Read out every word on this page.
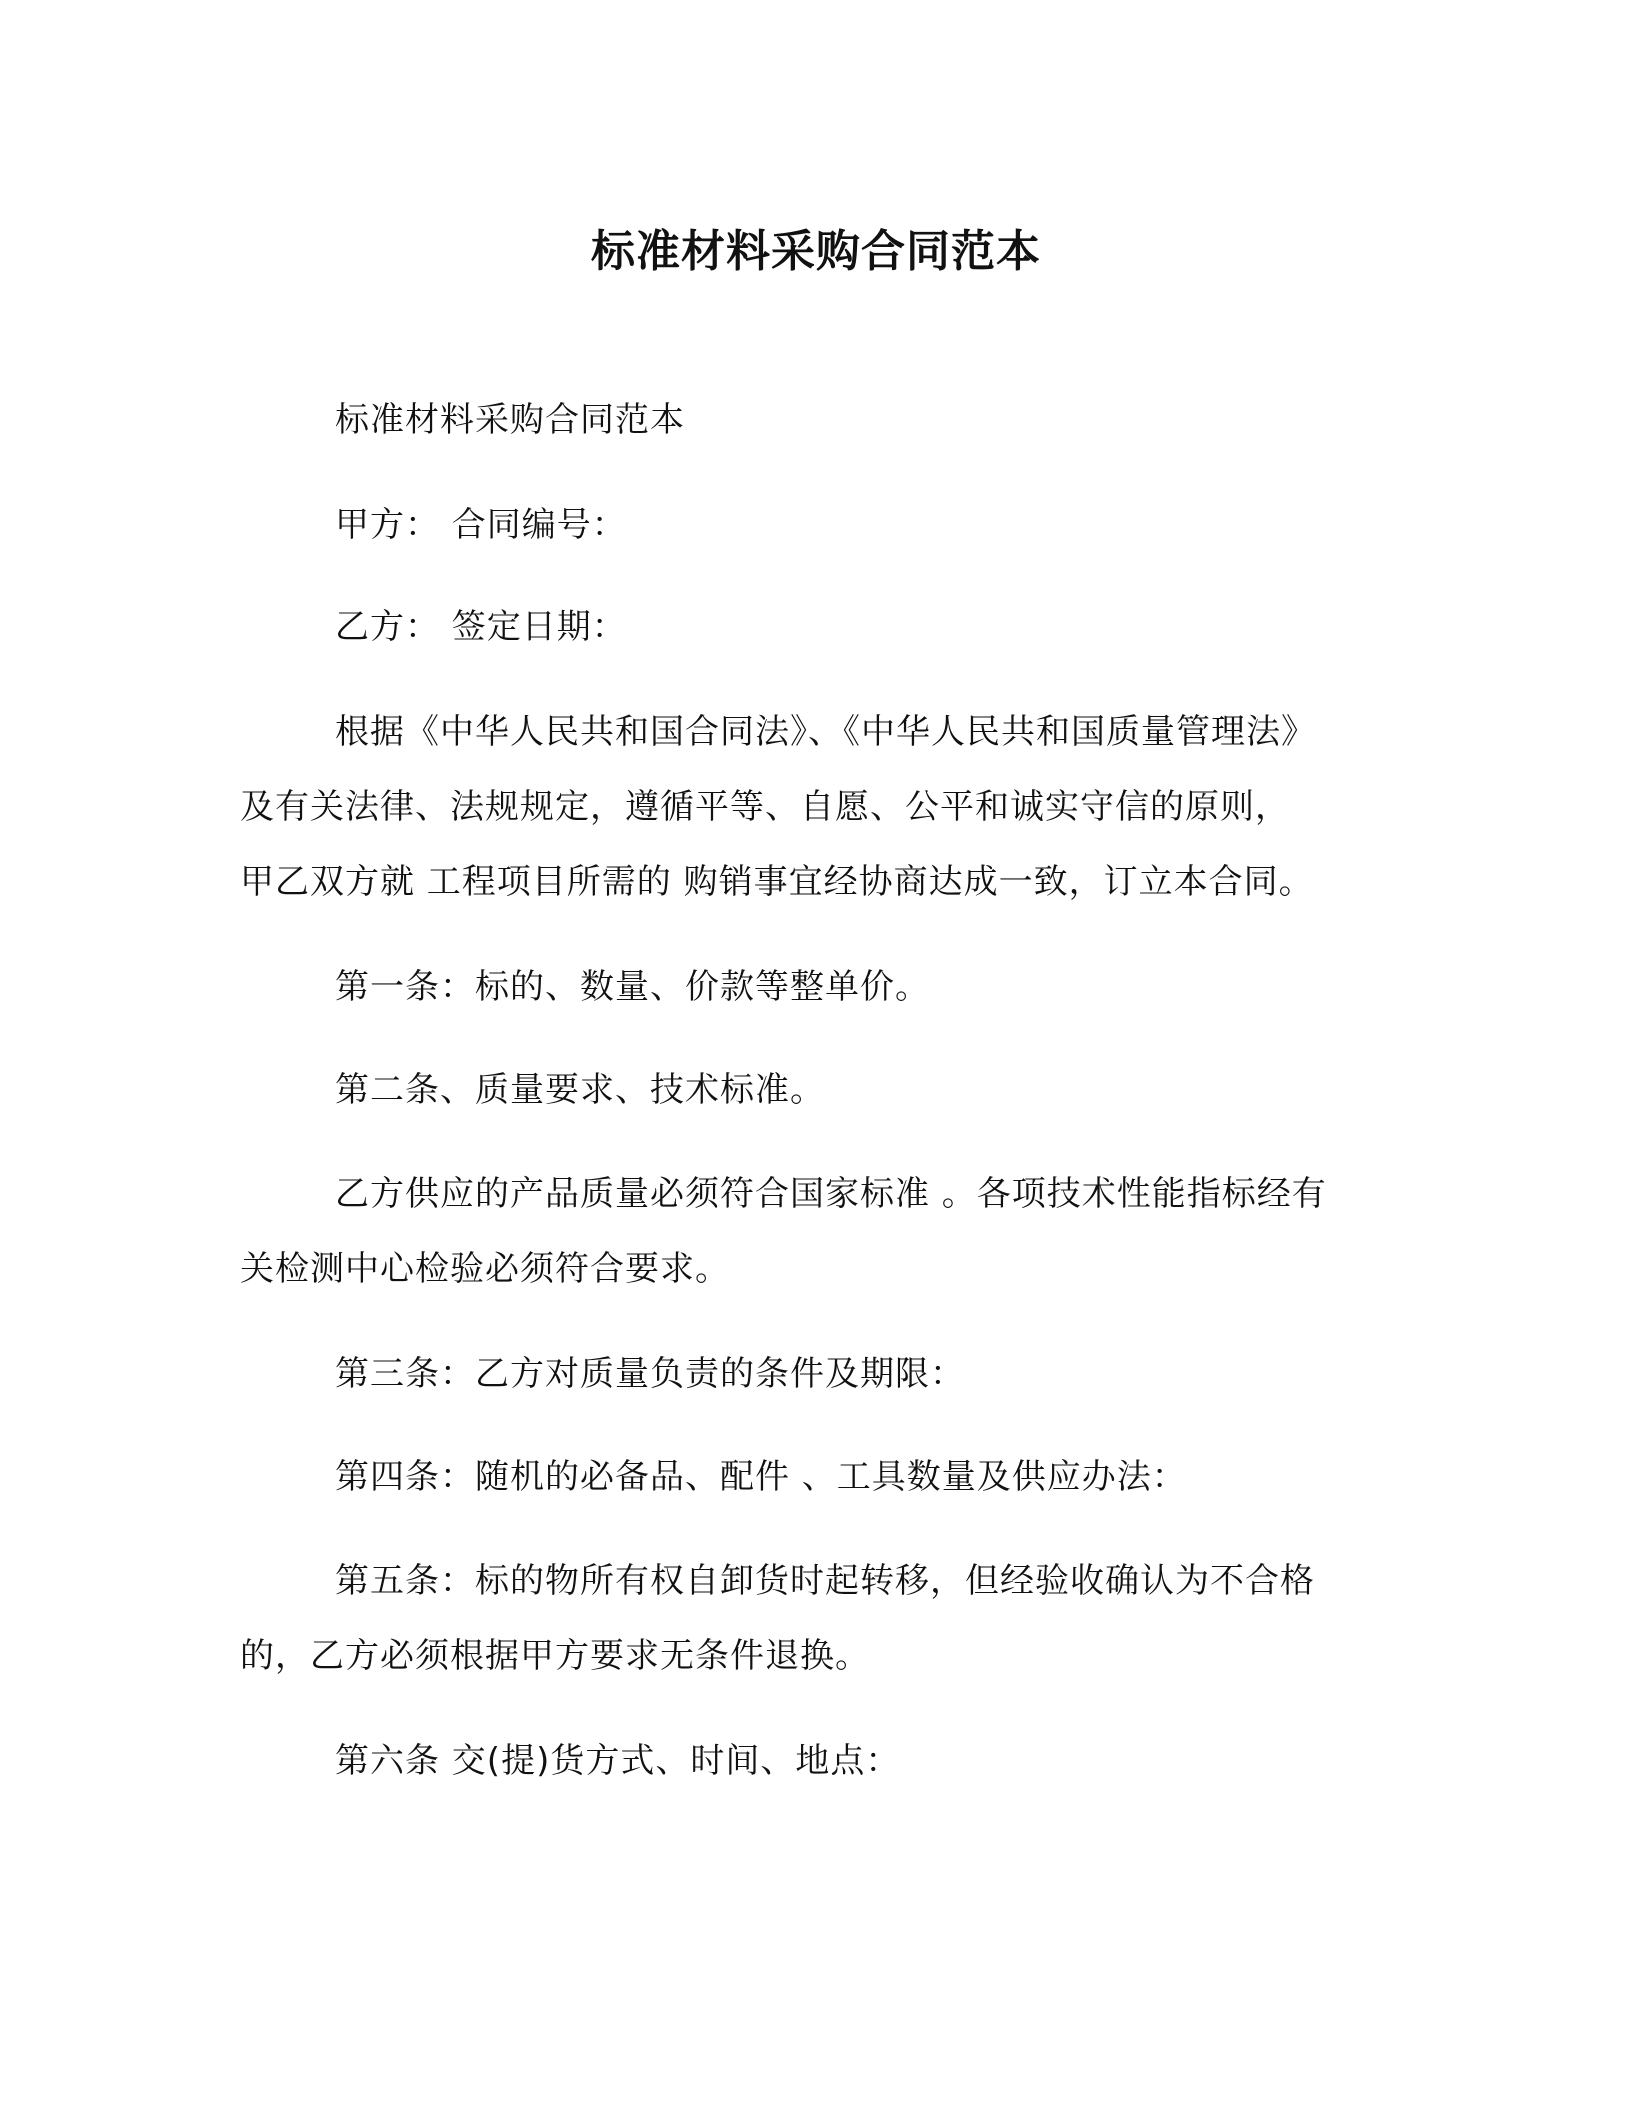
标准材料采购合同范本
标准材料采购合同范本
甲方： 合同编号：
乙方： 签定日期：
根据《中华人民共和国合同法》、《中华人民共和国质量管理法》
及有关法律、法规规定，遵循平等、自愿、公平和诚实守信的原则，
甲乙双方就 工程项目所需的 购销事宜经协商达成一致，订立本合同。
第一条：标的、数量、价款等整单价。
第二条、质量要求、技术标准。
乙方供应的产品质量必须符合国家标准 。各项技术性能指标经有
关检测中心检验必须符合要求。
第三条：乙方对质量负责的条件及期限：
第四条：随机的必备品、配件 、工具数量及供应办法：
第五条：标的物所有权自卸货时起转移，但经验收确认为不合格
的，乙方必须根据甲方要求无条件退换。
第六条 交(提)货方式、时间、地点：
